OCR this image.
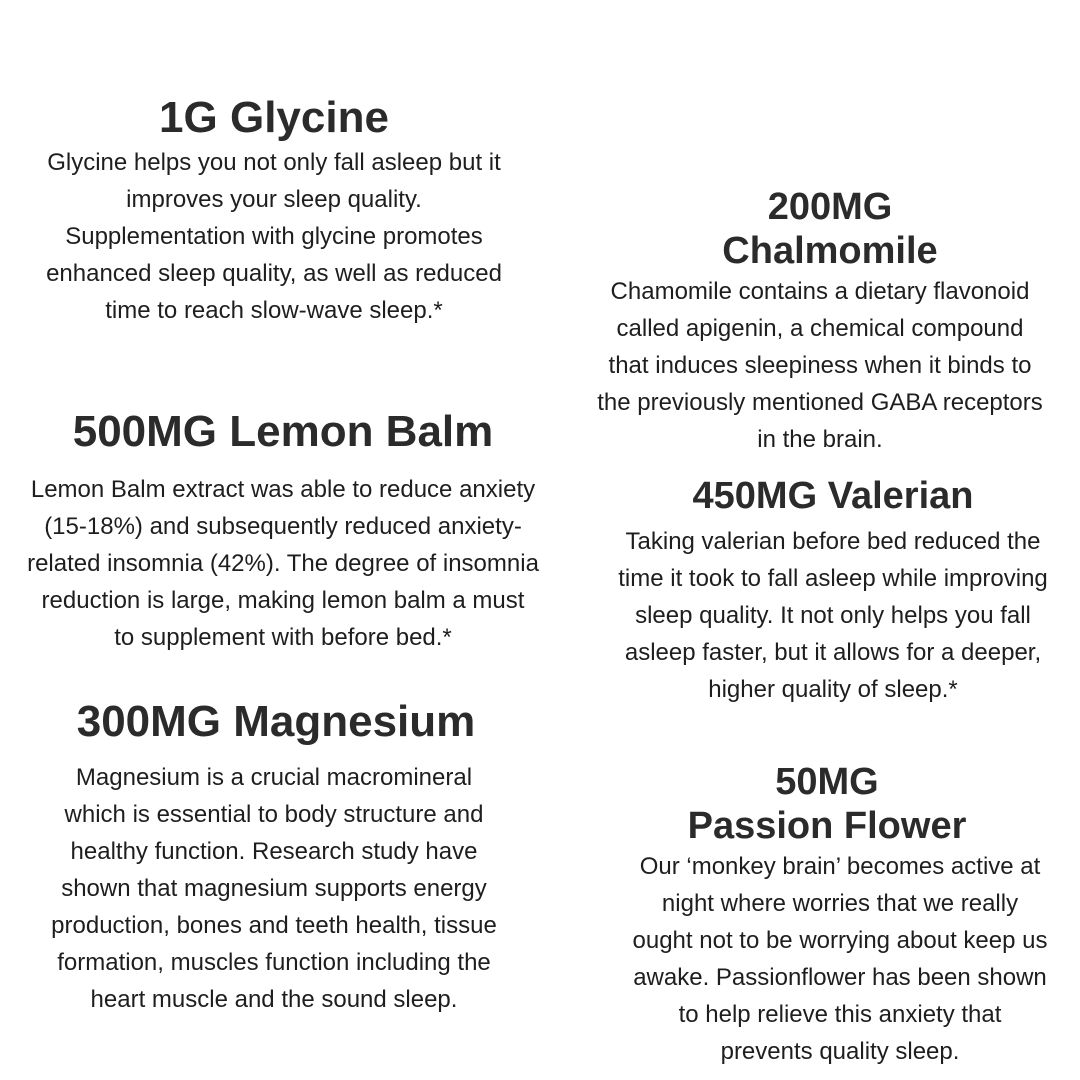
1G Glycine

Glycine helps you not only fall asleep but it
improves your sleep quality.
Supplementation with glycine promotes
enhanced sleep quality, as well as reduced
time to reach slow-wave sleep.*

200MG
Chalmomile

Chamomile contains a dietary flavonoid
called apigenin, a chemical compound
that induces sleepiness when it binds to
the previously mentioned GABA receptors
in the brain.

500MG Lemon Balm

Lemon Balm extract was able to reduce anxiety
(15-18%) and subsequently reduced anxiety-
related insomnia (42%). The degree of insomnia
reduction is large, making lemon balm a must
to supplement with before bed.*

450MG Valerian

Taking valerian before bed reduced the
time it took to fall asleep while improving
sleep quality. It not only helps you fall
asleep faster, but it allows for a deeper,
higher quality of sleep.*

300MG Magnesium

Magnesium is a crucial macromineral
which is essential to body structure and
healthy function. Research study have
shown that magnesium supports energy
production, bones and teeth health, tissue
formation, muscles function including the
heart muscle and the sound sleep.

50MG
Passion Flower

Our ‘monkey brain’ becomes active at
night where worries that we really
ought not to be worrying about keep us
awake. Passionflower has been shown
to help relieve this anxiety that
prevents quality sleep.
